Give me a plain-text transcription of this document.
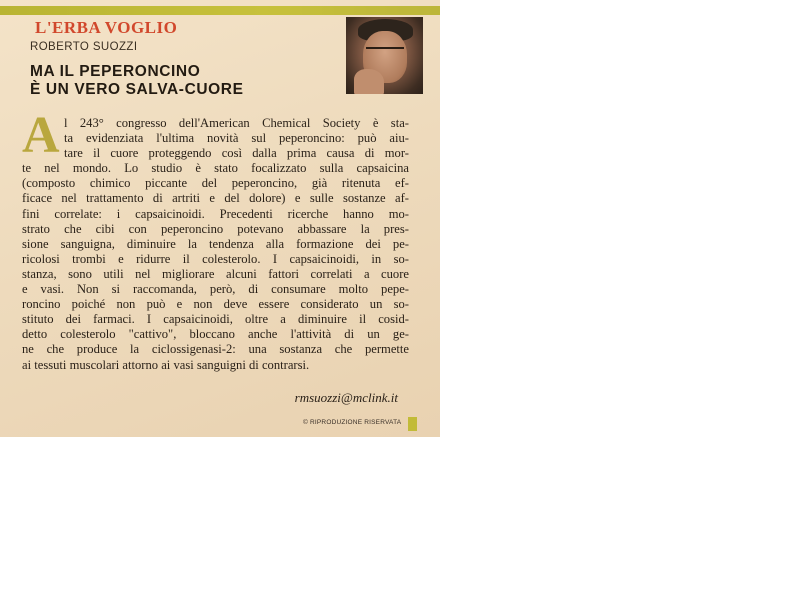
L'ERBA VOGLIO
ROBERTO SUOZZI
MA IL PEPERONCINO
È UN VERO SALVA-CUORE
A l 243° congresso dell'American Chemical Society è sta-
ta evidenziata l'ultima novità sul peperoncino: può aiu-
tare il cuore proteggendo così dalla prima causa di mor-
te nel mondo. Lo studio è stato focalizzato sulla capsaicina
(composto chimico piccante del peperoncino, già ritenuta ef-
ficace nel trattamento di artriti e del dolore) e sulle sostanze af-
fini correlate: i capsaicinoidi. Precedenti ricerche hanno mo-
strato che cibi con peperoncino potevano abbassare la pres-
sione sanguigna, diminuire la tendenza alla formazione dei pe-
ricolosi trombi e ridurre il colesterolo. I capsaicinoidi, in so-
stanza, sono utili nel migliorare alcuni fattori correlati a cuore
e vasi. Non si raccomanda, però, di consumare molto pepe-
roncino poiché non può e non deve essere considerato un so-
stituto dei farmaci. I capsaicinoidi, oltre a diminuire il cosid-
detto colesterolo "cattivo", bloccano anche l'attività di un ge-
ne che produce la ciclossigenasi-2: una sostanza che permette
ai tessuti muscolari attorno ai vasi sanguigni di contrarsi.
rmsuozzi@mclink.it
© RIPRODUZIONE RISERVATA
